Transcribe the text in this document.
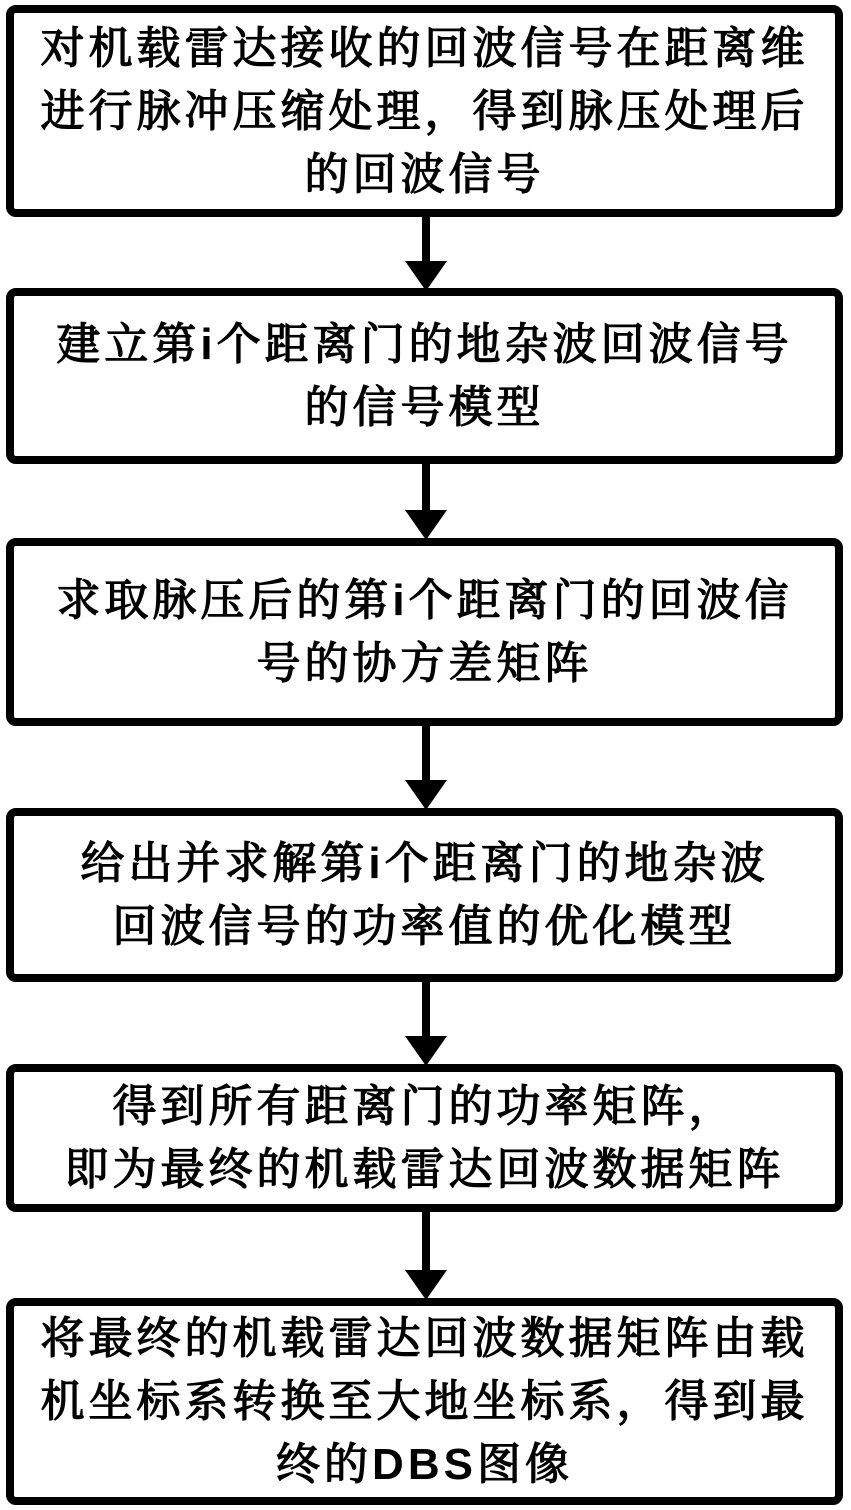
对机载雷达接收的回波信号在距离维
进行脉冲压缩处理，得到脉压处理后
的回波信号
建立第i个距离门的地杂波回波信号
的信号模型
求取脉压后的第i个距离门的回波信
号的协方差矩阵
给出并求解第i个距离门的地杂波
回波信号的功率值的优化模型
得到所有距离门的功率矩阵，
即为最终的机载雷达回波数据矩阵
将最终的机载雷达回波数据矩阵由载
机坐标系转换至大地坐标系，得到最
终的DBS图像
